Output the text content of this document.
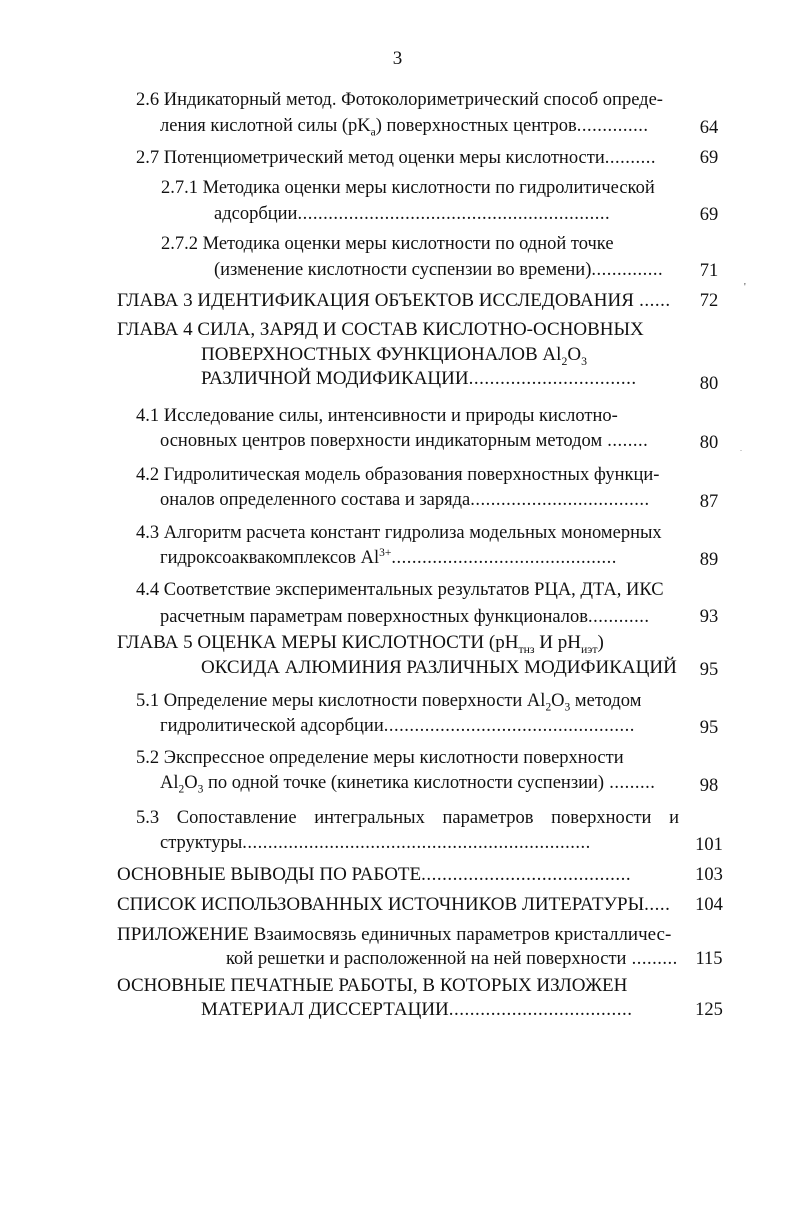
3
2.6 Индикаторный метод. Фотоколориметрический способ опреде-
ления кислотной силы $(pK_а)$ поверхностных центров..............	64
2.7 Потенциометрический метод оценки меры кислотности..........	69
2.7.1 Методика оценки меры кислотности по гидролитической
адсорбции.............................................................	69
2.7.2 Методика оценки меры кислотности по одной точке
(изменение кислотности суспензии во времени)..............	71
ГЛАВА 3 ИДЕНТИФИКАЦИЯ ОБЪЕКТОВ ИССЛЕДОВАНИЯ ......	72
ГЛАВА 4 СИЛА, ЗАРЯД И СОСТАВ КИСЛОТНО-ОСНОВНЫХ
ПОВЕРХНОСТНЫХ ФУНКЦИОНАЛОВ $Al_2O_3$
РАЗЛИЧНОЙ МОДИФИКАЦИИ................................	80
4.1 Исследование силы, интенсивности и природы кислотно-
основных центров поверхности индикаторным методом ........	80
4.2 Гидролитическая модель образования поверхностных функци-
оналов определенного состава и заряда...................................	87
4.3 Алгоритм расчета констант гидролиза модельных мономерных
гидроксоаквакомплексов $Al^{3+}$............................................	89
4.4 Соответствие экспериментальных результатов РЦА, ДТА, ИКС
расчетным параметрам поверхностных функционалов............	93
ГЛАВА 5 ОЦЕНКА МЕРЫ КИСЛОТНОСТИ ($pH_{тнз}$ И $pH_{иэт}$)
ОКСИДА АЛЮМИНИЯ РАЗЛИЧНЫХ МОДИФИКАЦИЙ	95
5.1 Определение меры кислотности поверхности $Al_2O_3$ методом
гидролитической адсорбции.................................................	95
5.2 Экспрессное определение меры кислотности поверхности
$Al_2O_3$ по одной точке (кинетика кислотности суспензии) .........	98
5.3 Сопоставление интегральных параметров поверхности и
структуры....................................................................	101
ОСНОВНЫЕ ВЫВОДЫ ПО РАБОТЕ........................................	103
СПИСОК ИСПОЛЬЗОВАННЫХ ИСТОЧНИКОВ ЛИТЕРАТУРЫ.....	104
ПРИЛОЖЕНИЕ Взаимосвязь единичных параметров кристалличес-
кой решетки и расположенной на ней поверхности ......... 115
ОСНОВНЫЕ ПЕЧАТНЫЕ РАБОТЫ, В КОТОРЫХ ИЗЛОЖЕН
МАТЕРИАЛ ДИССЕРТАЦИИ...................................	125
'
.
